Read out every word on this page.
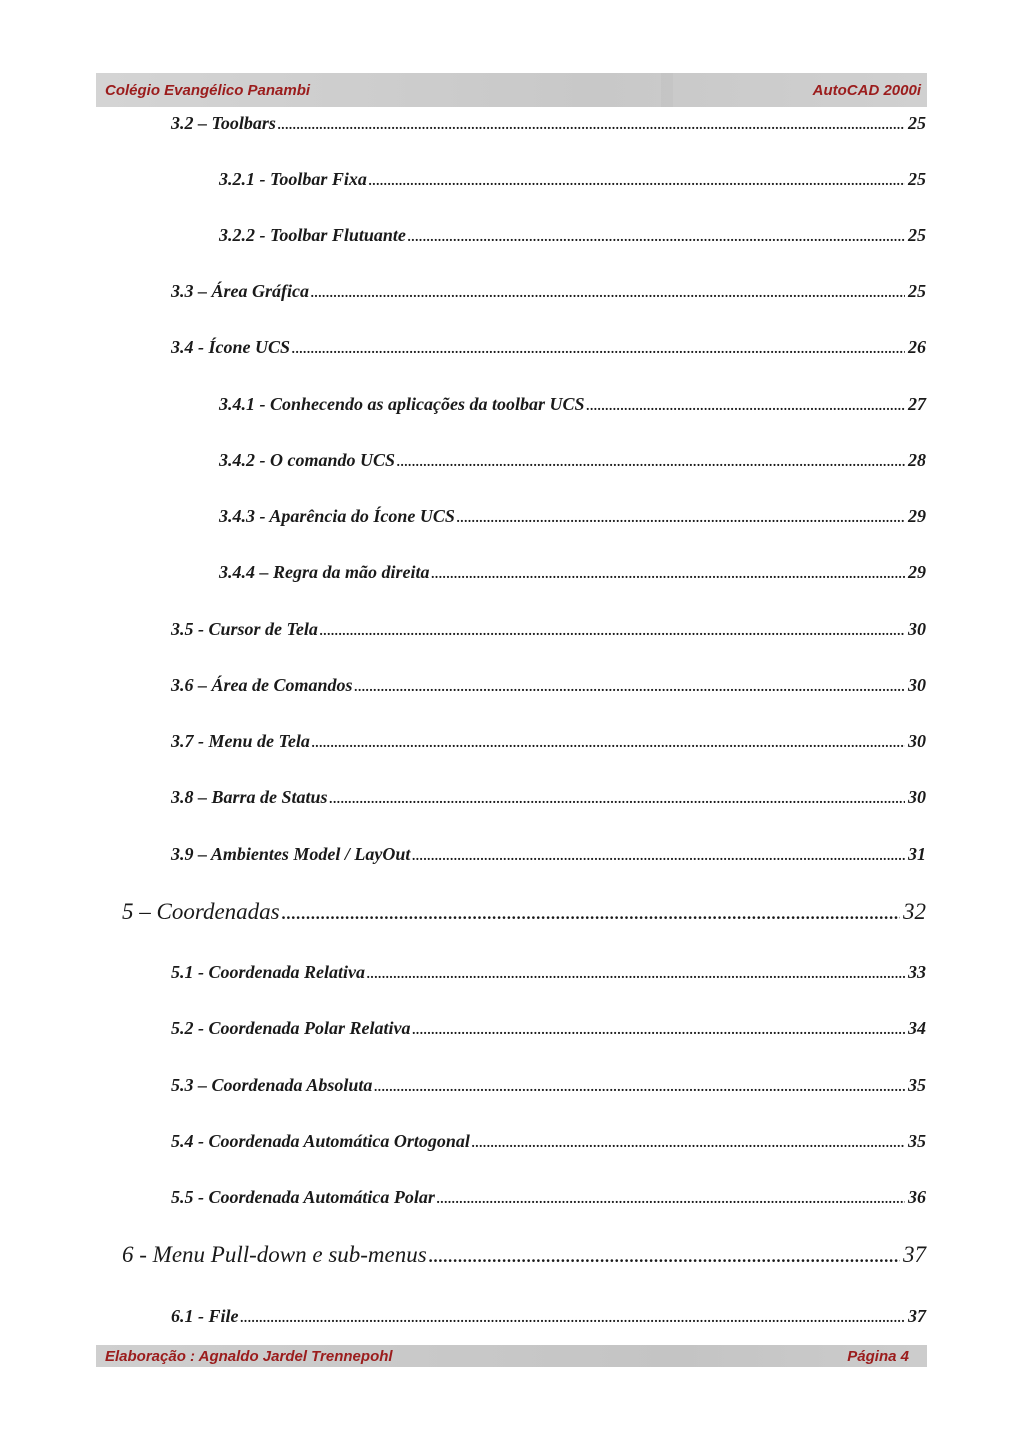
Colégio Evangélico Panambi	AutoCAD 2000i
3.2 – Toolbars . . .	25
3.2.1 - Toolbar Fixa . . .	25
3.2.2 - Toolbar Flutuante . . .	25
3.3 – Área Gráfica . . .	25
3.4 - Ícone UCS . . .	26
3.4.1 - Conhecendo as aplicações da toolbar UCS . . .	27
3.4.2 - O comando UCS . . .	28
3.4.3 - Aparência do Ícone UCS . . .	29
3.4.4 – Regra da mão direita . . .	29
3.5 - Cursor de Tela . . .	30
3.6 – Área de Comandos . . .	30
3.7 - Menu de Tela . . .	30
3.8 – Barra de Status . . .	30
3.9 – Ambientes Model / LayOut . . .	31
5 – Coordenadas . . .	32
5.1 - Coordenada Relativa . . .	33
5.2 - Coordenada Polar Relativa . . .	34
5.3 – Coordenada Absoluta . . .	35
5.4 - Coordenada Automática Ortogonal . . .	35
5.5 - Coordenada Automática Polar . . .	36
6 - Menu Pull-down e sub-menus . . .	37
6.1 - File . . .	37
Elaboração : Agnaldo Jardel Trennepohl	Página 4
